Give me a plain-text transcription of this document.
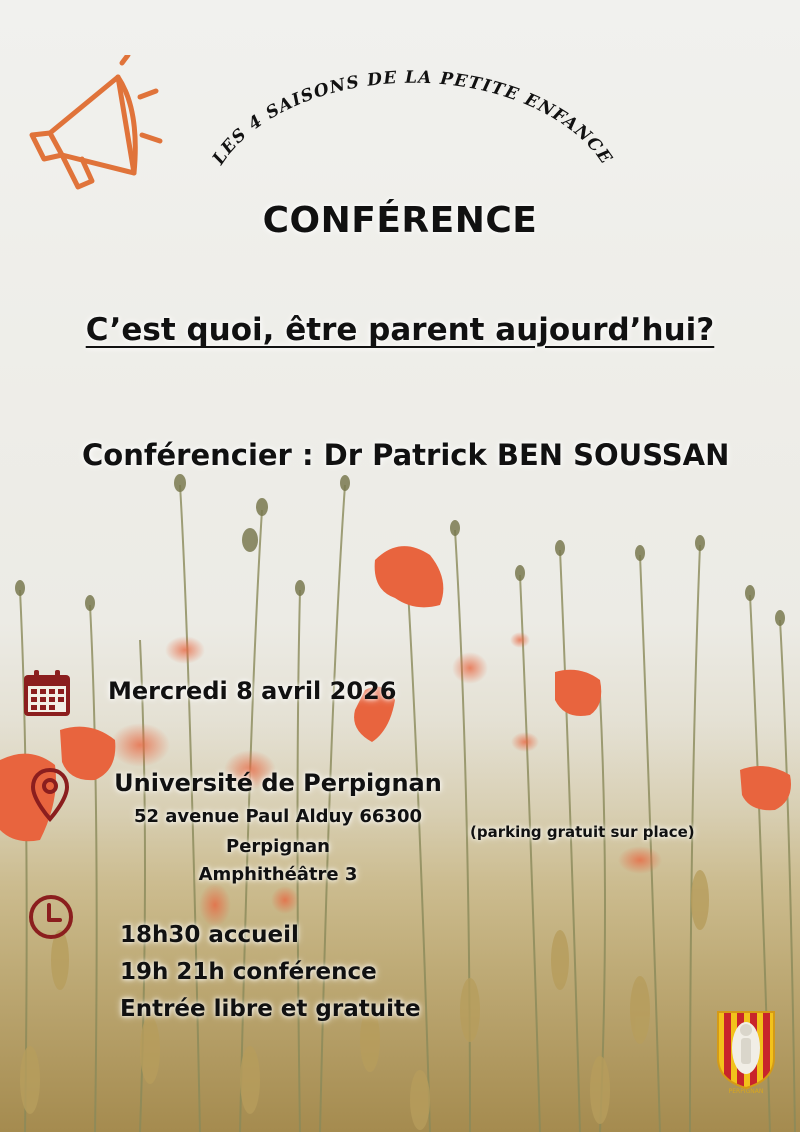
LES 4 SAISONS DE LA PETITE ENFANCE
CONFÉRENCE
C’est quoi, être parent aujourd’hui?
Conférencier : Dr Patrick BEN SOUSSAN
Mercredi 8 avril 2026
Université de Perpignan
52 avenue Paul Alduy 66300
Perpignan
Amphithéâtre 3
(parking gratuit sur place)
18h30 accueil
19h 21h conférence
Entrée libre et gratuite
PERPIGNAN
